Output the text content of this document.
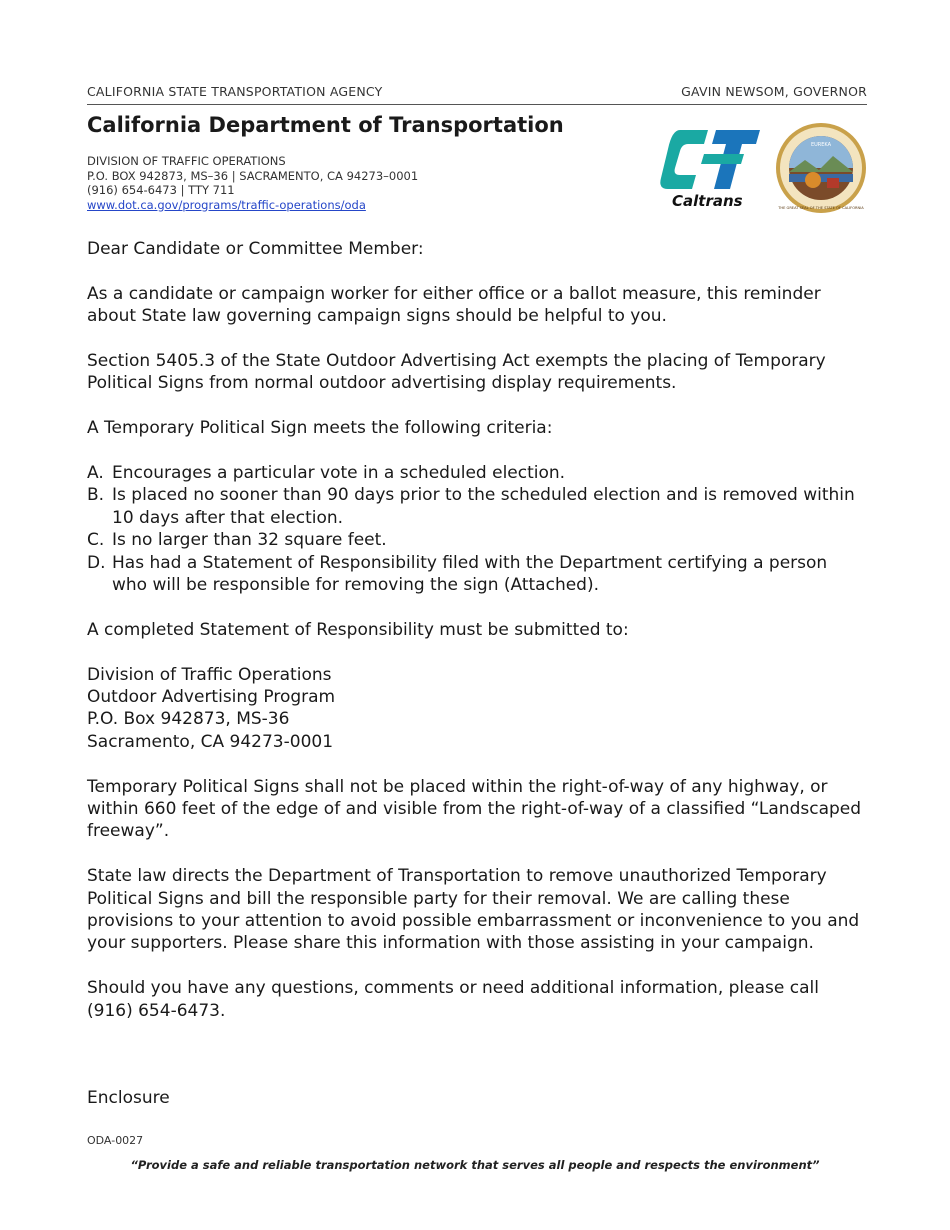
CALIFORNIA STATE TRANSPORTATION AGENCY	GAVIN NEWSOM, GOVERNOR
California Department of Transportation
DIVISION OF TRAFFIC OPERATIONS
P.O. BOX 942873, MS–36 | SACRAMENTO, CA 94273–0001
(916) 654-6473 | TTY 711
www.dot.ca.gov/programs/traffic-operations/oda	Caltrans
EUREKA
THE GREAT SEAL OF THE STATE OF CALIFORNIA

Dear Candidate or Committee Member:

As a candidate or campaign worker for either office or a ballot measure, this reminder about State law governing campaign signs should be helpful to you.

Section 5405.3 of the State Outdoor Advertising Act exempts the placing of Temporary Political Signs from normal outdoor advertising display requirements.

A Temporary Political Sign meets the following criteria:

A. Encourages a particular vote in a scheduled election.
B. Is placed no sooner than 90 days prior to the scheduled election and is removed within 10 days after that election.
C. Is no larger than 32 square feet.
D. Has had a Statement of Responsibility filed with the Department certifying a person who will be responsible for removing the sign (Attached).

A completed Statement of Responsibility must be submitted to:

Division of Traffic Operations
Outdoor Advertising Program
P.O. Box 942873, MS-36
Sacramento, CA 94273-0001

Temporary Political Signs shall not be placed within the right-of-way of any highway, or within 660 feet of the edge of and visible from the right-of-way of a classified “Landscaped freeway”.

State law directs the Department of Transportation to remove unauthorized Temporary Political Signs and bill the responsible party for their removal. We are calling these provisions to your attention to avoid possible embarrassment or inconvenience to you and your supporters. Please share this information with those assisting in your campaign.

Should you have any questions, comments or need additional information, please call (916) 654-6473.

Enclosure
ODA-0027
“Provide a safe and reliable transportation network that serves all people and respects the environment”
